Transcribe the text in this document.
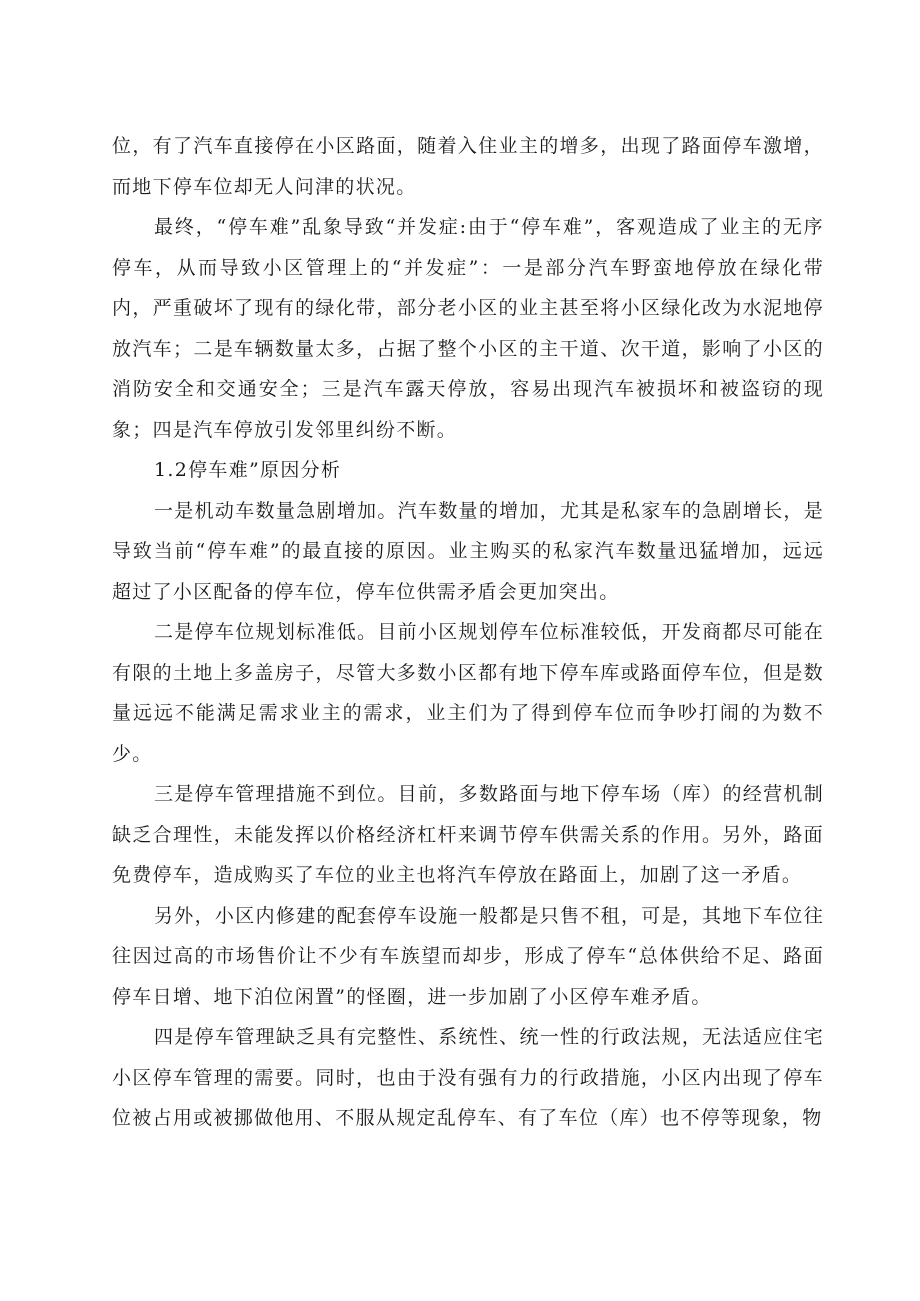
位，有了汽车直接停在小区路面，随着入住业主的增多，出现了路面停车激增，而地下停车位却无人问津的状况。

最终，“停车难”乱象导致“并发症:由于“停车难”，客观造成了业主的无序停车，从而导致小区管理上的“并发症”：一是部分汽车野蛮地停放在绿化带内，严重破坏了现有的绿化带，部分老小区的业主甚至将小区绿化改为水泥地停放汽车；二是车辆数量太多，占据了整个小区的主干道、次干道，影响了小区的消防安全和交通安全；三是汽车露天停放，容易出现汽车被损坏和被盗窃的现象；四是汽车停放引发邻里纠纷不断。

1.2停车难”原因分析

一是机动车数量急剧增加。汽车数量的增加，尤其是私家车的急剧增长，是导致当前“停车难”的最直接的原因。业主购买的私家汽车数量迅猛增加，远远超过了小区配备的停车位，停车位供需矛盾会更加突出。

二是停车位规划标准低。目前小区规划停车位标准较低，开发商都尽可能在有限的土地上多盖房子，尽管大多数小区都有地下停车库或路面停车位，但是数量远远不能满足需求业主的需求，业主们为了得到停车位而争吵打闹的为数不少。

三是停车管理措施不到位。目前，多数路面与地下停车场（库）的经营机制缺乏合理性，未能发挥以价格经济杠杆来调节停车供需关系的作用。另外，路面免费停车，造成购买了车位的业主也将汽车停放在路面上，加剧了这一矛盾。

另外，小区内修建的配套停车设施一般都是只售不租，可是，其地下车位往往因过高的市场售价让不少有车族望而却步，形成了停车“总体供给不足、路面停车日增、地下泊位闲置”的怪圈，进一步加剧了小区停车难矛盾。

四是停车管理缺乏具有完整性、系统性、统一性的行政法规，无法适应住宅小区停车管理的需要。同时，也由于没有强有力的行政措施，小区内出现了停车位被占用或被挪做他用、不服从规定乱停车、有了车位（库）也不停等现象，物
